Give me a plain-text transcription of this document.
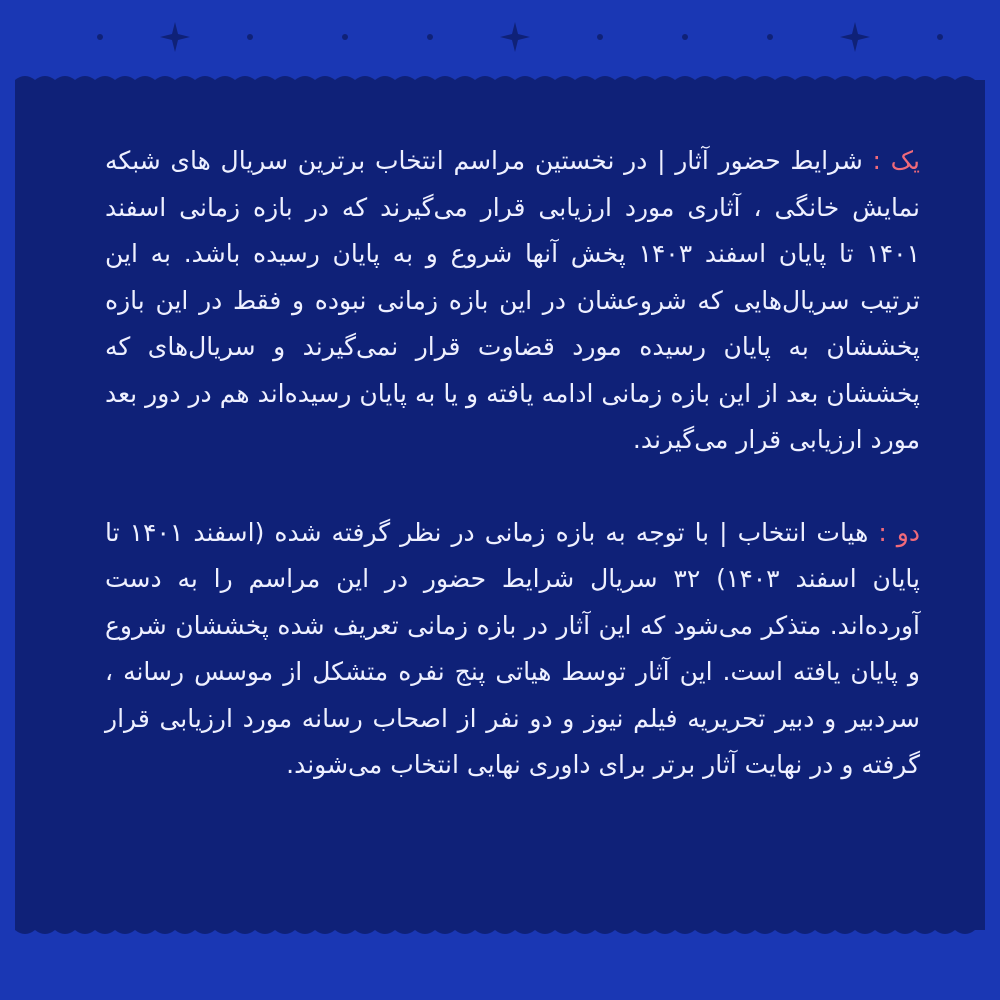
یک : شرایط حضور آثار | در نخستین مراسم انتخاب برترین سریال های شبکه نمایش خانگی ، آثاری مورد ارزیابی قرار می‌گیرند که در بازه زمانی اسفند ۱۴۰۱ تا پایان اسفند ۱۴۰۳ پخش آنها شروع و به پایان رسیده باشد. به این ترتیب سریال‌هایی که شروعشان در این بازه زمانی نبوده و فقط در این بازه پخششان به پایان رسیده مورد قضاوت قرار نمی‌گیرند و سریال‌های که پخششان بعد از این بازه زمانی ادامه یافته و یا به پایان رسیده‌اند هم در دور بعد مورد ارزیابی قرار می‌گیرند.

دو : هیات انتخاب | با توجه به بازه زمانی در نظر گرفته شده (اسفند ۱۴۰۱ تا پایان اسفند ۱۴۰۳) ۳۲ سریال شرایط حضور در این مراسم را به دست آورده‌اند. متذکر می‌شود که این آثار در بازه زمانی تعریف شده پخششان شروع و پایان یافته است. این آثار توسط هیاتی پنج نفره متشکل از موسس رسانه ، سردبیر و دبیر تحریریه فیلم نیوز و دو نفر از اصحاب رسانه مورد ارزیابی قرار گرفته و در نهایت آثار برتر برای داوری نهایی انتخاب می‌شوند.
